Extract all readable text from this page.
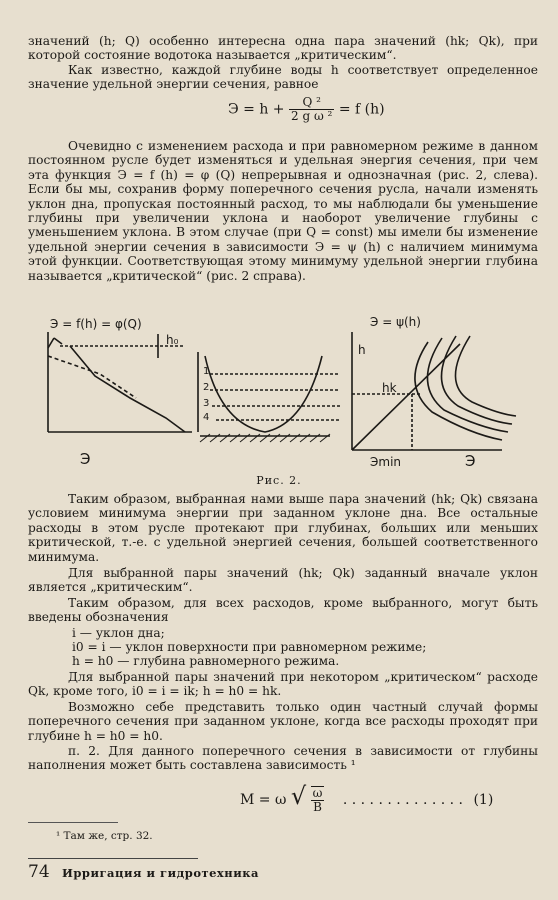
значений (h; Q) особенно интересна одна пара значений (hk; Qk), при которой состояние водотока называется „критическим“.

Как известно, каждой глубине воды h соответствует определенное значение удельной энергии сечения, равное

$Э = h + \frac{\text{Q ²}}{\text{2 g ω ²}} = f$ (h)

Очевидно с изменением расхода и при равномерном режиме в данном постоянном русле будет изменяться и удельная энергия сечения, при чем эта функция Э = f (h) = φ (Q) непрерывная и однозначная (рис. 2, слева). Если бы мы, сохранив форму поперечного сечения русла, начали изменять уклон дна, пропуская постоянный расход, то мы наблюдали бы уменьшение глубины при увеличении уклона и наоборот увеличение глубины с уменьшением уклона. В этом случае (при Q = const) мы имели бы изменение удельной энергии сечения в зависимости Э = ψ (h) с наличием минимума этой функции. Соответствующая этому минимуму удельной энергии глубина называется „критической“ (рис. 2 справа).

Э = f(h) = φ(Q)
h₀
Э
1
2
3
4
Э = ψ(h)
h
hk
Эmin	Э
Рис. 2.

Таким образом, выбранная нами выше пара значений (hk; Qk) связана условием минимума энергии при заданном уклоне дна. Все остальные расходы в этом русле протекают при глубинах, больших или меньших критической, т.-е. с удельной энергией сечения, большей соответственного минимума.

Для выбранной пары значений (hk; Qk) заданный вначале уклон является „критическим“.

Таким образом, для всех расходов, кроме выбранного, могут быть введены обозначения

i — уклон дна;

i0 = i — уклон поверхности при равномерном режиме;

h = h0 — глубина равномерного режима.

Для выбранной пары значений при некотором „критическом“ расходе Qk, кроме того, i0 = i = ik; h = h0 = hk.

Возможно себе представить только один частный случай формы поперечного сечения при заданном уклоне, когда все расходы проходят при глубине h = h0 = h0.

п. 2. Для данного поперечного сечения в зависимости от глубины наполнения может быть составлена зависимость ¹

M = ω √ $\frac{\omega}{B}$ . . . . . . . . . . . . . . (1)
¹ Там же, стр. 32.
74 Ирригация и гидротехника
